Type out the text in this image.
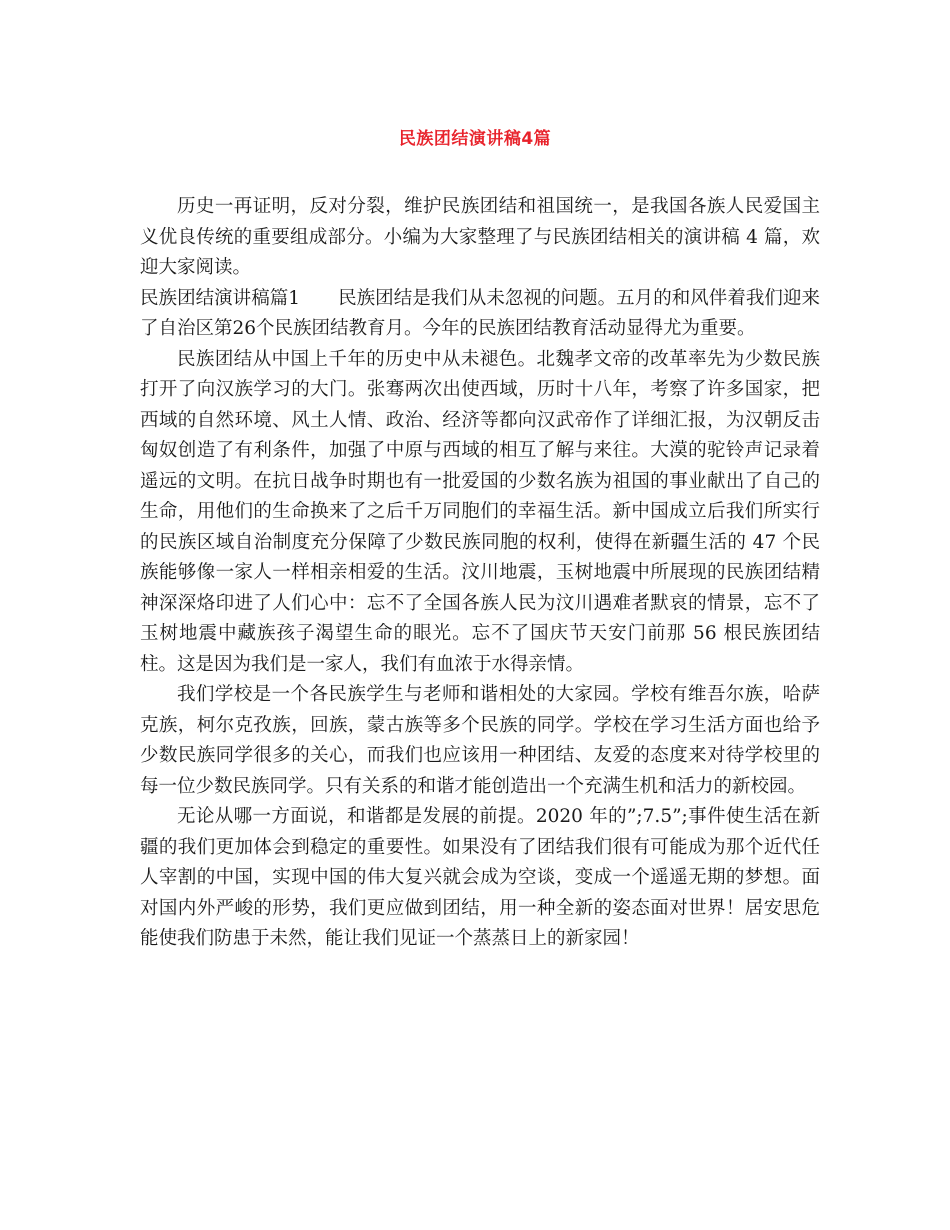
民族团结演讲稿4篇

历史一再证明，反对分裂，维护民族团结和祖国统一，是我国各族人民爱国主义优良传统的重要组成部分。小编为大家整理了与民族团结相关的演讲稿 4 篇，欢迎大家阅读。

民族团结演讲稿篇1 民族团结是我们从未忽视的问题。五月的和风伴着我们迎来了自治区第26个民族团结教育月。今年的民族团结教育活动显得尤为重要。

民族团结从中国上千年的历史中从未褪色。北魏孝文帝的改革率先为少数民族打开了向汉族学习的大门。张骞两次出使西域，历时十八年，考察了许多国家，把西域的自然环境、风土人情、政治、经济等都向汉武帝作了详细汇报，为汉朝反击匈奴创造了有利条件，加强了中原与西域的相互了解与来往。大漠的驼铃声记录着遥远的文明。在抗日战争时期也有一批爱国的少数名族为祖国的事业献出了自己的生命，用他们的生命换来了之后千万同胞们的幸福生活。新中国成立后我们所实行的民族区域自治制度充分保障了少数民族同胞的权利，使得在新疆生活的 47 个民族能够像一家人一样相亲相爱的生活。汶川地震，玉树地震中所展现的民族团结精神深深烙印进了人们心中：忘不了全国各族人民为汶川遇难者默哀的情景，忘不了玉树地震中藏族孩子渴望生命的眼光。忘不了国庆节天安门前那 56 根民族团结柱。这是因为我们是一家人，我们有血浓于水得亲情。

我们学校是一个各民族学生与老师和谐相处的大家园。学校有维吾尔族，哈萨克族，柯尔克孜族，回族，蒙古族等多个民族的同学。学校在学习生活方面也给予少数民族同学很多的关心，而我们也应该用一种团结、友爱的态度来对待学校里的每一位少数民族同学。只有关系的和谐才能创造出一个充满生机和活力的新校园。

无论从哪一方面说，和谐都是发展的前提。2020 年的”;7.5”;事件使生活在新疆的我们更加体会到稳定的重要性。如果没有了团结我们很有可能成为那个近代任人宰割的中国，实现中国的伟大复兴就会成为空谈，变成一个遥遥无期的梦想。面对国内外严峻的形势，我们更应做到团结，用一种全新的姿态面对世界！居安思危能使我们防患于未然，能让我们见证一个蒸蒸日上的新家园！
